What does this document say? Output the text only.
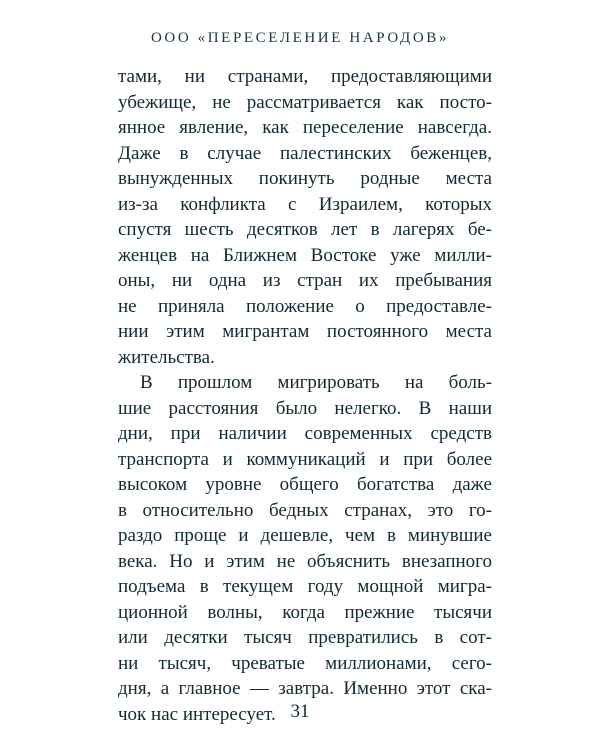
ООО «ПЕРЕСЕЛЕНИЕ НАРОДОВ»
тами, ни странами, предоставляющими
убежище, не рассматривается как посто-
янное явление, как переселение навсегда.
Даже в случае палестинских беженцев,
вынужденных покинуть родные места
из-за конфликта с Израилем, которых
спустя шесть десятков лет в лагерях бе-
женцев на Ближнем Востоке уже милли-
оны, ни одна из стран их пребывания
не приняла положение о предоставле-
нии этим мигрантам постоянного места
жительства.
В прошлом мигрировать на боль-
шие расстояния было нелегко. В наши
дни, при наличии современных средств
транспорта и коммуникаций и при более
высоком уровне общего богатства даже
в относительно бедных странах, это го-
раздо проще и дешевле, чем в минувшие
века. Но и этим не объяснить внезапного
подъема в текущем году мощной мигра-
ционной волны, когда прежние тысячи
или десятки тысяч превратились в сот-
ни тысяч, чреватые миллионами, сего-
дня, а главное — завтра. Именно этот ска-
чок нас интересует. 31
